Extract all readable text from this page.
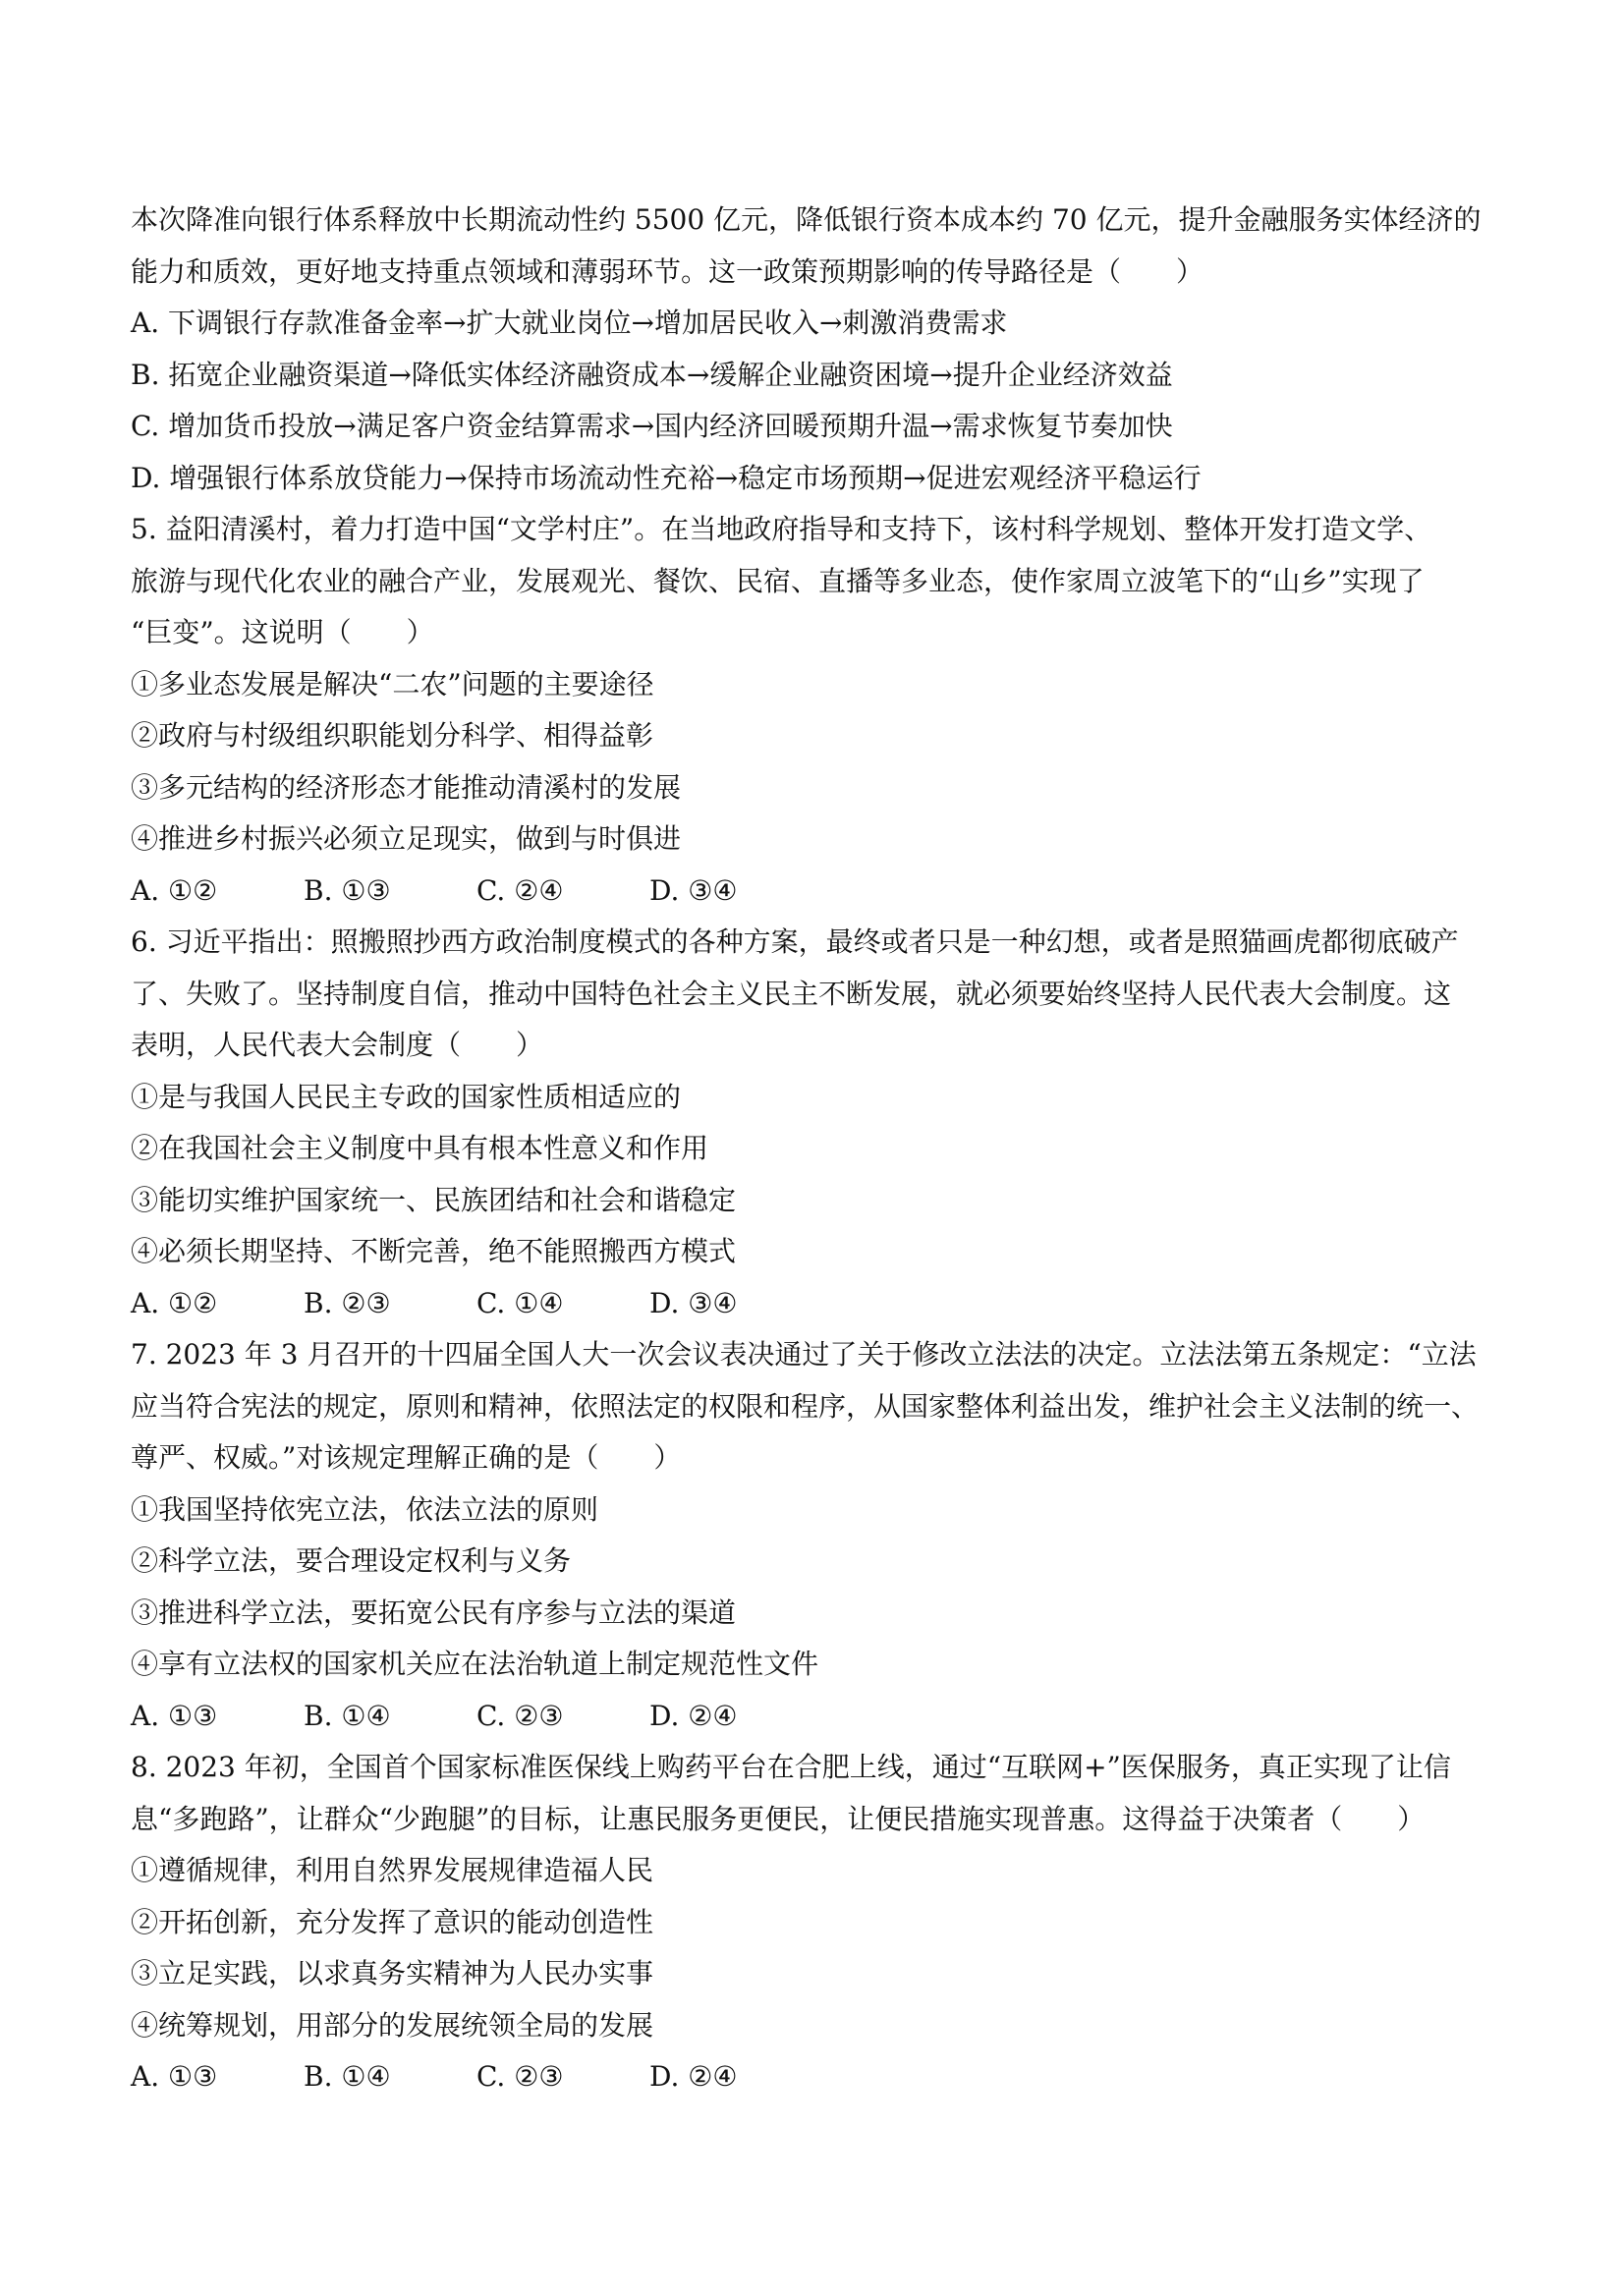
本次降准向银行体系释放中长期流动性约 5500 亿元，降低银行资本成本约 70 亿元，提升金融服务实体经济的
能力和质效，更好地支持重点领域和薄弱环节。这一政策预期影响的传导路径是（　　）
A. 下调银行存款准备金率→扩大就业岗位→增加居民收入→刺激消费需求
B. 拓宽企业融资渠道→降低实体经济融资成本→缓解企业融资困境→提升企业经济效益
C. 增加货币投放→满足客户资金结算需求→国内经济回暖预期升温→需求恢复节奏加快
D. 增强银行体系放贷能力→保持市场流动性充裕→稳定市场预期→促进宏观经济平稳运行
5. 益阳清溪村，着力打造中国“文学村庄”。在当地政府指导和支持下，该村科学规划、整体开发打造文学、
旅游与现代化农业的融合产业，发展观光、餐饮、民宿、直播等多业态，使作家周立波笔下的“山乡”实现了
“巨变”。这说明（　　）
①多业态发展是解决“二农”问题的主要途径
②政府与村级组织职能划分科学、相得益彰
③多元结构的经济形态才能推动清溪村的发展
④推进乡村振兴必须立足现实，做到与时俱进
A. ①②	B. ①③	C. ②④	D. ③④
6. 习近平指出：照搬照抄西方政治制度模式的各种方案，最终或者只是一种幻想，或者是照猫画虎都彻底破产
了、失败了。坚持制度自信，推动中国特色社会主义民主不断发展，就必须要始终坚持人民代表大会制度。这
表明，人民代表大会制度（　　）
①是与我国人民民主专政的国家性质相适应的
②在我国社会主义制度中具有根本性意义和作用
③能切实维护国家统一、民族团结和社会和谐稳定
④必须长期坚持、不断完善，绝不能照搬西方模式
A. ①②	B. ②③	C. ①④	D. ③④
7. 2023 年 3 月召开的十四届全国人大一次会议表决通过了关于修改立法法的决定。立法法第五条规定：“立法
应当符合宪法的规定，原则和精神，依照法定的权限和程序，从国家整体利益出发，维护社会主义法制的统一、
尊严、权威。”对该规定理解正确的是（　　）
①我国坚持依宪立法，依法立法的原则
②科学立法，要合理设定权利与义务
③推进科学立法，要拓宽公民有序参与立法的渠道
④享有立法权的国家机关应在法治轨道上制定规范性文件
A. ①③	B. ①④	C. ②③	D. ②④
8. 2023 年初，全国首个国家标准医保线上购药平台在合肥上线，通过“互联网+”医保服务，真正实现了让信
息“多跑路”，让群众“少跑腿”的目标，让惠民服务更便民，让便民措施实现普惠。这得益于决策者（　　）
①遵循规律，利用自然界发展规律造福人民
②开拓创新，充分发挥了意识的能动创造性
③立足实践，以求真务实精神为人民办实事
④统筹规划，用部分的发展统领全局的发展
A. ①③	B. ①④	C. ②③	D. ②④
